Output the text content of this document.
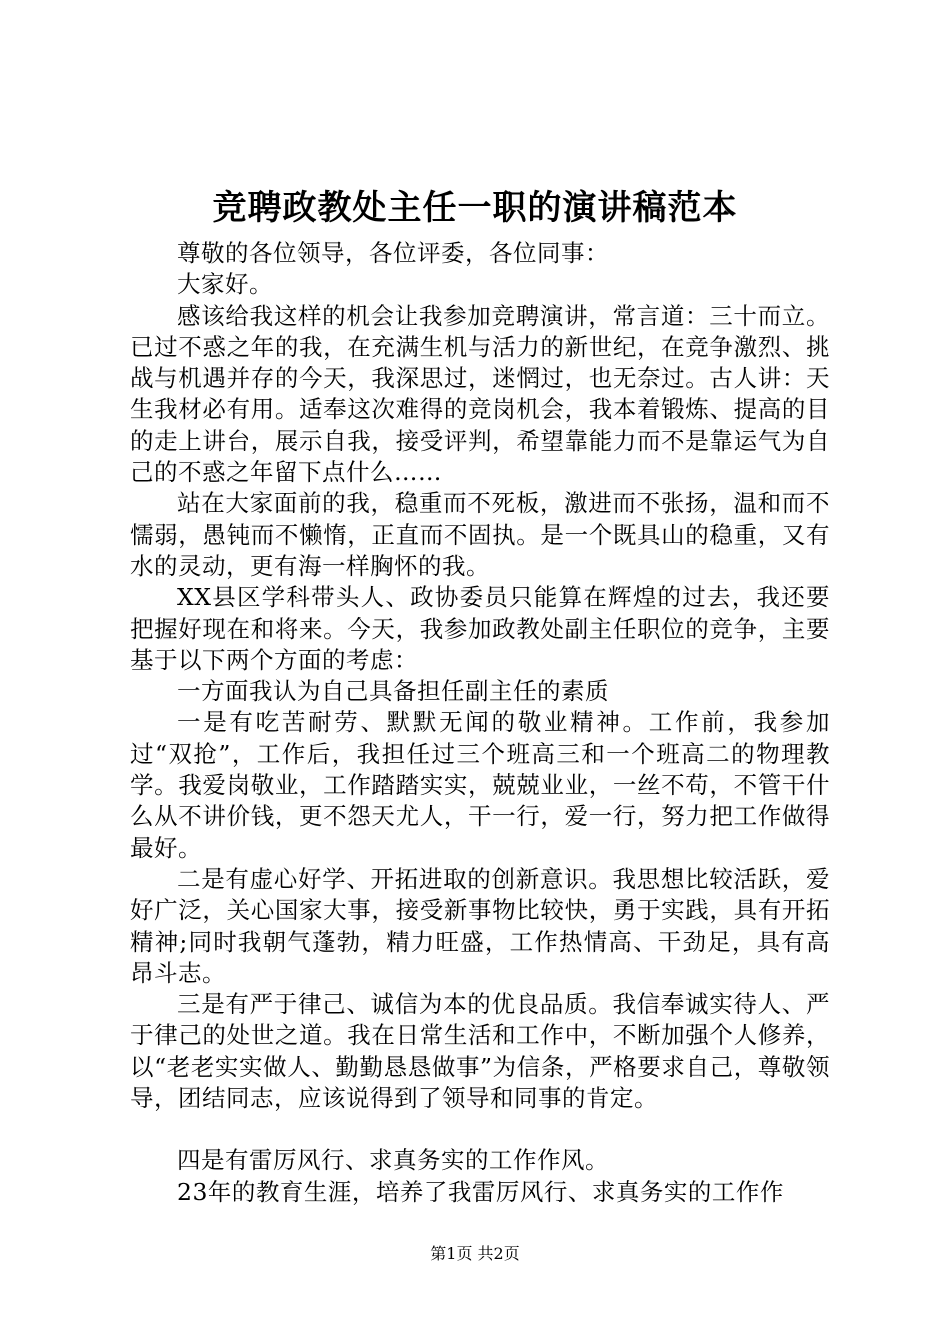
竞聘政教处主任一职的演讲稿范本

尊敬的各位领导，各位评委，各位同事：

大家好。

感该给我这样的机会让我参加竞聘演讲，常言道：三十而立。已过不惑之年的我，在充满生机与活力的新世纪，在竞争激烈、挑战与机遇并存的今天，我深思过，迷惘过，也无奈过。古人讲：天生我材必有用。适奉这次难得的竞岗机会，我本着锻炼、提高的目的走上讲台，展示自我，接受评判，希望靠能力而不是靠运气为自己的不惑之年留下点什么……

站在大家面前的我，稳重而不死板，激进而不张扬，温和而不懦弱，愚钝而不懒惰，正直而不固执。是一个既具山的稳重，又有水的灵动，更有海一样胸怀的我。

XX县区学科带头人、政协委员只能算在辉煌的过去，我还要把握好现在和将来。今天，我参加政教处副主任职位的竞争，主要基于以下两个方面的考虑：

一方面我认为自己具备担任副主任的素质

一是有吃苦耐劳、默默无闻的敬业精神。工作前，我参加过“双抢”，工作后，我担任过三个班高三和一个班高二的物理教学。我爱岗敬业，工作踏踏实实，兢兢业业，一丝不苟，不管干什么从不讲价钱，更不怨天尤人，干一行，爱一行，努力把工作做得最好。

二是有虚心好学、开拓进取的创新意识。我思想比较活跃，爱好广泛，关心国家大事，接受新事物比较快，勇于实践，具有开拓精神;同时我朝气蓬勃，精力旺盛，工作热情高、干劲足，具有高昂斗志。

三是有严于律己、诚信为本的优良品质。我信奉诚实待人、严于律己的处世之道。我在日常生活和工作中，不断加强个人修养，以“老老实实做人、勤勤恳恳做事”为信条，严格要求自己，尊敬领导，团结同志，应该说得到了领导和同事的肯定。

四是有雷厉风行、求真务实的工作作风。

23年的教育生涯，培养了我雷厉风行、求真务实的工作作

第1页 共2页
